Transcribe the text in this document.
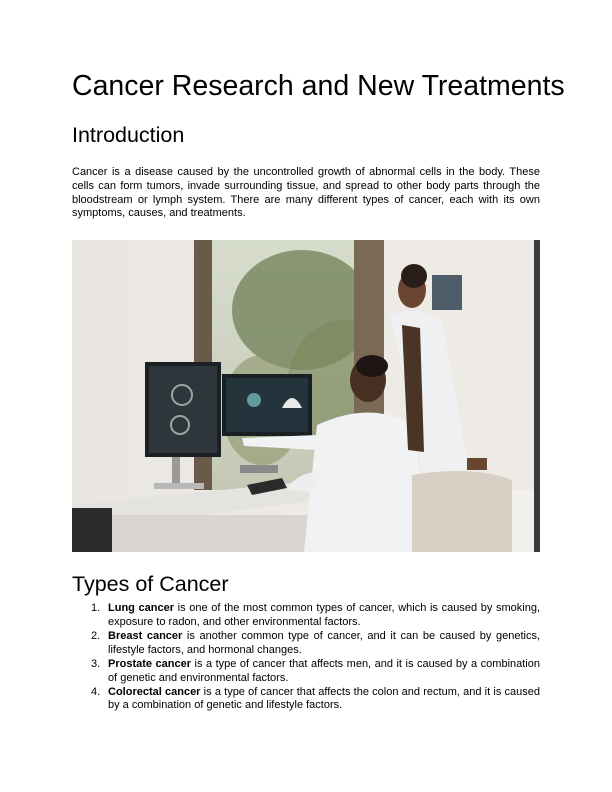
Cancer Research and New Treatments
Introduction

Cancer is a disease caused by the uncontrolled growth of abnormal cells in the body. These cells can form tumors, invade surrounding tissue, and spread to other body parts through the bloodstream or lymph system. There are many different types of cancer, each with its own symptoms, causes, and treatments.

Types of Cancer
1. Lung cancer is one of the most common types of cancer, which is caused by smoking, exposure to radon, and other environmental factors.
2. Breast cancer is another common type of cancer, and it can be caused by genetics, lifestyle factors, and hormonal changes.
3. Prostate cancer is a type of cancer that affects men, and it is caused by a combination of genetic and environmental factors.
4. Colorectal cancer is a type of cancer that affects the colon and rectum, and it is caused by a combination of genetic and lifestyle factors.
